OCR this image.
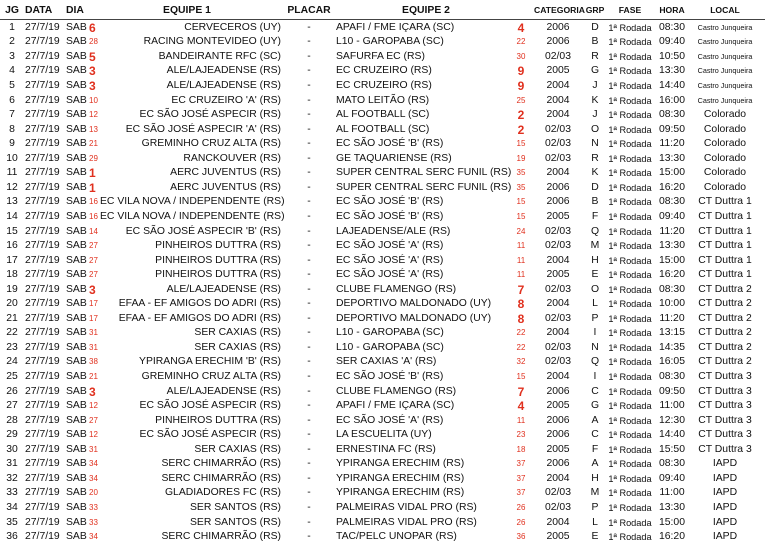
JG DATA	DIA	EQUIPE 1	PLACAR	EQUIPE 2	CATEGORIA GRP	FASE	HORA	LOCAL
1 27/7/19 SAB 6	CERVECEROS (UY)	-	APAFI / FME IÇARA (SC)	4	2006	D	1ª Rodada 08:30	Castro Junqueira
2 27/7/19 SAB 28	RACING MONTEVIDEO (UY)	-	L10 - GAROPABA (SC)	22	2006	B	1ª Rodada 09:40	Castro Junqueira
3 27/7/19 SAB 5	BANDEIRANTE RFC (SC)	-	SAFURFA EC (RS)	30	02/03	R	1ª Rodada 10:50	Castro Junqueira
4 27/7/19 SAB 3	ALE/LAJEADENSE (RS)	-	EC CRUZEIRO (RS)	9	2005	G	1ª Rodada 13:30	Castro Junqueira
5 27/7/19 SAB 3	ALE/LAJEADENSE (RS)	-	EC CRUZEIRO (RS)	9	2004	J	1ª Rodada 14:40	Castro Junqueira
6 27/7/19 SAB 10	EC CRUZEIRO 'A' (RS)	-	MATO LEITÃO (RS)	25	2004	K	1ª Rodada 16:00	Castro Junqueira
7 27/7/19 SAB 12	EC SÃO JOSÉ ASPECIR (RS)	-	AL FOOTBALL (SC)	2	2004	J	1ª Rodada 08:30	Colorado
8 27/7/19 SAB 13	EC SÃO JOSÉ ASPECIR 'A' (RS)	-	AL FOOTBALL (SC)	2	02/03	O	1ª Rodada 09:50	Colorado
9 27/7/19 SAB 21	GREMINHO CRUZ ALTA (RS)	-	EC SÃO JOSÉ 'B' (RS)	15	02/03	N	1ª Rodada 11:20	Colorado
10 27/7/19 SAB 29	RANCKOUVER (RS)	-	GE TAQUARIENSE (RS)	19	02/03	R	1ª Rodada 13:30	Colorado
11 27/7/19 SAB 1	AERC JUVENTUS (RS)	-	SUPER CENTRAL SERC FUNIL (RS) 35	2004	K	1ª Rodada 15:00	Colorado
12 27/7/19 SAB 1	AERC JUVENTUS (RS)	-	SUPER CENTRAL SERC FUNIL (RS) 35	2006	D	1ª Rodada 16:20	Colorado
13 27/7/19 SAB 16 EC VILA NOVA / INDEPENDENTE (RS)	-	EC SÃO JOSÉ 'B' (RS)	15	2006	B	1ª Rodada 08:30	CT Duttra 1
14 27/7/19 SAB 16 EC VILA NOVA / INDEPENDENTE (RS)	-	EC SÃO JOSÉ 'B' (RS)	15	2005	F	1ª Rodada 09:40	CT Duttra 1
15 27/7/19 SAB 14	EC SÃO JOSÉ ASPECIR 'B' (RS)	-	LAJEADENSE/ALE (RS)	24	02/03	Q	1ª Rodada 11:20	CT Duttra 1
16 27/7/19 SAB 27	PINHEIROS DUTTRA (RS)	-	EC SÃO JOSÉ 'A' (RS)	11	02/03	M 1ª Rodada 13:30	CT Duttra 1
17 27/7/19 SAB 27	PINHEIROS DUTTRA (RS)	-	EC SÃO JOSÉ 'A' (RS)	11	2004	H	1ª Rodada 15:00	CT Duttra 1
18 27/7/19 SAB 27	PINHEIROS DUTTRA (RS)	-	EC SÃO JOSÉ 'A' (RS)	11	2005	E	1ª Rodada 16:20	CT Duttra 1
19 27/7/19 SAB 3	ALE/LAJEADENSE (RS)	-	CLUBE FLAMENGO (RS)	7	02/03	O	1ª Rodada 08:30	CT Duttra 2
20 27/7/19 SAB 17	EFAA - EF AMIGOS DO ADRI (RS)	-	DEPORTIVO MALDONADO (UY)	8	2004	L	1ª Rodada 10:00	CT Duttra 2
21 27/7/19 SAB 17	EFAA - EF AMIGOS DO ADRI (RS)	-	DEPORTIVO MALDONADO (UY)	8	02/03	P	1ª Rodada 11:20	CT Duttra 2
22 27/7/19 SAB 31	SER CAXIAS (RS)	-	L10 - GAROPABA (SC)	22	2004	I	1ª Rodada 13:15	CT Duttra 2
23 27/7/19 SAB 31	SER CAXIAS (RS)	-	L10 - GAROPABA (SC)	22	02/03	N	1ª Rodada 14:35	CT Duttra 2
24 27/7/19 SAB 38	YPIRANGA ERECHIM 'B' (RS)	-	SER CAXIAS 'A' (RS)	32	02/03	Q	1ª Rodada 16:05	CT Duttra 2
25 27/7/19 SAB 21	GREMINHO CRUZ ALTA (RS)	-	EC SÃO JOSÉ 'B' (RS)	15	2004	I	1ª Rodada 08:30	CT Duttra 3
26 27/7/19 SAB 3	ALE/LAJEADENSE (RS)	-	CLUBE FLAMENGO (RS)	7	2006	C	1ª Rodada 09:50	CT Duttra 3
27 27/7/19 SAB 12	EC SÃO JOSÉ ASPECIR (RS)	-	APAFI / FME IÇARA (SC)	4	2005	G	1ª Rodada 11:00	CT Duttra 3
28 27/7/19 SAB 27	PINHEIROS DUTTRA (RS)	-	EC SÃO JOSÉ 'A' (RS)	11	2006	A	1ª Rodada 12:30	CT Duttra 3
29 27/7/19 SAB 12	EC SÃO JOSÉ ASPECIR (RS)	-	LA ESCUELITA (UY)	23	2006	C	1ª Rodada 14:40	CT Duttra 3
30 27/7/19 SAB 31	SER CAXIAS (RS)	-	ERNESTINA FC (RS)	18	2005	F	1ª Rodada 15:50	CT Duttra 3
31 27/7/19 SAB 34	SERC CHIMARRÃO (RS)	-	YPIRANGA ERECHIM (RS)	37	2006	A	1ª Rodada 08:30	IAPD
32 27/7/19 SAB 34	SERC CHIMARRÃO (RS)	-	YPIRANGA ERECHIM (RS)	37	2004	H	1ª Rodada 09:40	IAPD
33 27/7/19 SAB 20	GLADIADORES FC (RS)	-	YPIRANGA ERECHIM (RS)	37	02/03	M 1ª Rodada 11:00	IAPD
34 27/7/19 SAB 33	SER SANTOS (RS)	-	PALMEIRAS VIDAL PRO (RS)	26	02/03	P	1ª Rodada 13:30	IAPD
35 27/7/19 SAB 33	SER SANTOS (RS)	-	PALMEIRAS VIDAL PRO (RS)	26	2004	L	1ª Rodada 15:00	IAPD
36 27/7/19 SAB 34	SERC CHIMARRÃO (RS)	-	TAC/PELC UNOPAR (RS)	36	2005	E	1ª Rodada 16:20	IAPD
